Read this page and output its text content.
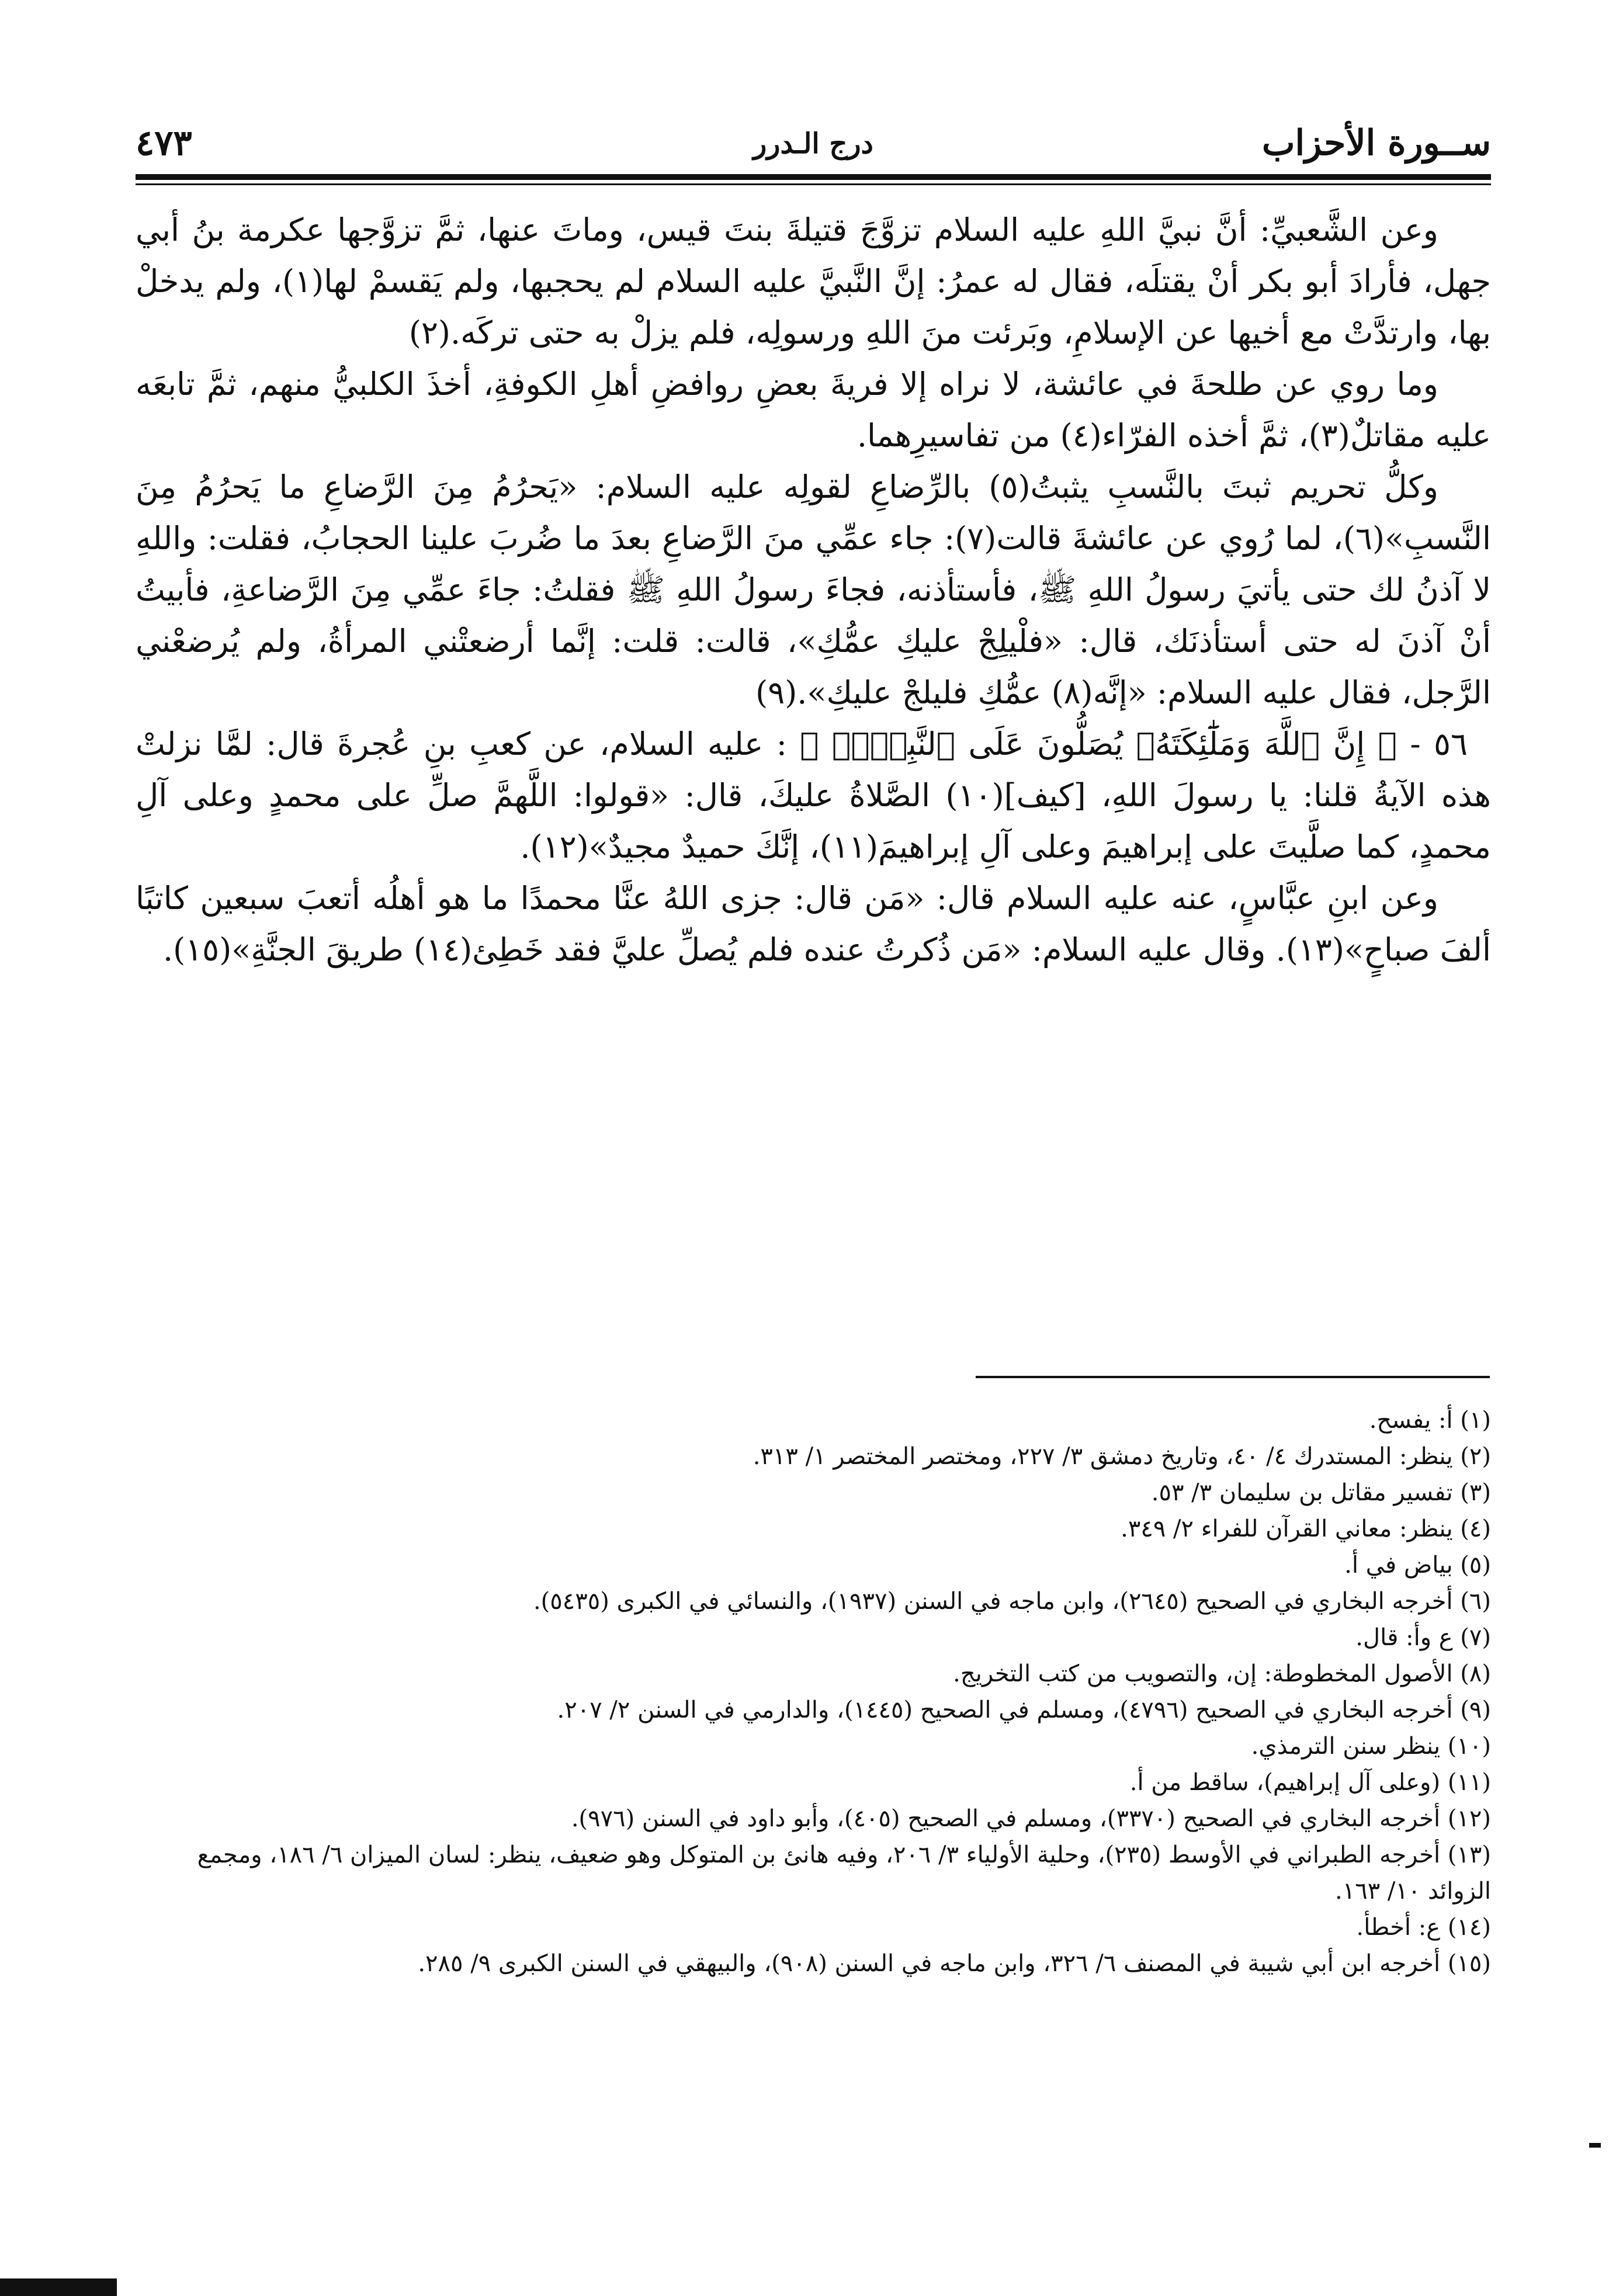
ســورة الأحزاب
درج الـدرر
٤٧٣

وعن الشَّعبيِّ: أنَّ نبيَّ اللهِ عليه السلام تزوَّجَ قتيلةَ بنتَ قيس، وماتَ عنها، ثمَّ تزوَّجها عكرمة بنُ أبي جهل، فأرادَ أبو بكر أنْ يقتلَه، فقال له عمرُ: إنَّ النَّبيَّ عليه السلام لم يحجبها، ولم يَقسمْ لها(١)، ولم يدخلْ بها، وارتدَّتْ مع أخيها عن الإسلامِ، وبَرئت منَ اللهِ ورسولِه، فلم يزلْ به حتى تركَه.(٢)

وما روي عن طلحةَ في عائشة، لا نراه إلا فريةَ بعضِ روافضِ أهلِ الكوفةِ، أخذَ الكلبيُّ منهم، ثمَّ تابعَه عليه مقاتلٌ(٣)، ثمَّ أخذه الفرّاء(٤) من تفاسيرِهما.

وكلُّ تحريم ثبتَ بالنَّسبِ يثبتُ(٥) بالرِّضاعِ لقولِه عليه السلام: «يَحرُمُ مِنَ الرَّضاعِ ما يَحرُمُ مِنَ النَّسبِ»(٦)، لما رُوي عن عائشةَ قالت(٧): جاء عمِّي منَ الرَّضاعِ بعدَ ما ضُربَ علينا الحجابُ، فقلت: واللهِ لا آذنُ لك حتى يأتيَ رسولُ اللهِ ﷺ، فأستأذنه، فجاءَ رسولُ اللهِ ﷺ فقلتُ: جاءَ عمِّي مِنَ الرَّضاعةِ، فأبيتُ أنْ آذنَ له حتى أستأذنَك، قال: «فلْيلِجْ عليكِ عمُّكِ»، قالت: قلت: إنَّما أرضعتْني المرأةُ، ولم يُرضعْني الرَّجل، فقال عليه السلام: «إنَّه(٨) عمُّكِ فليلجْ عليكِ».(٩)

٥٦ - ﴿ إِنَّ ٱللَّهَ وَمَلَٰٓئِكَتَهُۥ يُصَلُّونَ عَلَى ٱلنَّبِيِّۚ ﴾ : عليه السلام، عن كعبِ بنِ عُجرةَ قال: لمَّا نزلتْ هذه الآيةُ قلنا: يا رسولَ اللهِ، [كيف](١٠) الصَّلاةُ عليكَ، قال: «قولوا: اللَّهمَّ صلِّ على محمدٍ وعلى آلِ محمدٍ، كما صلَّيتَ على إبراهيمَ وعلى آلِ إبراهيمَ(١١)، إنَّكَ حميدٌ مجيدٌ»(١٢).

وعن ابنِ عبَّاسٍ، عنه عليه السلام قال: «مَن قال: جزى اللهُ عنَّا محمدًا ما هو أهلُه أتعبَ سبعين كاتبًا ألفَ صباحٍ»(١٣). وقال عليه السلام: «مَن ذُكرتُ عنده فلم يُصلِّ عليَّ فقد خَطِئ(١٤) طريقَ الجنَّةِ»(١٥).

(١) أ: يفسح.
(٢) ينظر: المستدرك ٤/ ٤٠، وتاريخ دمشق ٣/ ٢٢٧، ومختصر المختصر ١/ ٣١٣.
(٣) تفسير مقاتل بن سليمان ٣/ ٥٣.
(٤) ينظر: معاني القرآن للفراء ٢/ ٣٤٩.
(٥) بياض في أ.
(٦) أخرجه البخاري في الصحيح (٢٦٤٥)، وابن ماجه في السنن (١٩٣٧)، والنسائي في الكبرى (٥٤٣٥).
(٧) ع وأ: قال.
(٨) الأصول المخطوطة: إن، والتصويب من كتب التخريج.
(٩) أخرجه البخاري في الصحيح (٤٧٩٦)، ومسلم في الصحيح (١٤٤٥)، والدارمي في السنن ٢/ ٢٠٧.
(١٠) ينظر سنن الترمذي.
(١١) (وعلى آل إبراهيم)، ساقط من أ.
(١٢) أخرجه البخاري في الصحيح (٣٣٧٠)، ومسلم في الصحيح (٤٠٥)، وأبو داود في السنن (٩٧٦).
(١٣) أخرجه الطبراني في الأوسط (٢٣٥)، وحلية الأولياء ٣/ ٢٠٦، وفيه هانئ بن المتوكل وهو ضعيف، ينظر: لسان الميزان ٦/ ١٨٦، ومجمع الزوائد ١٠/ ١٦٣.
(١٤) ع: أخطأ.
(١٥) أخرجه ابن أبي شيبة في المصنف ٦/ ٣٢٦، وابن ماجه في السنن (٩٠٨)، والبيهقي في السنن الكبرى ٩/ ٢٨٥.
